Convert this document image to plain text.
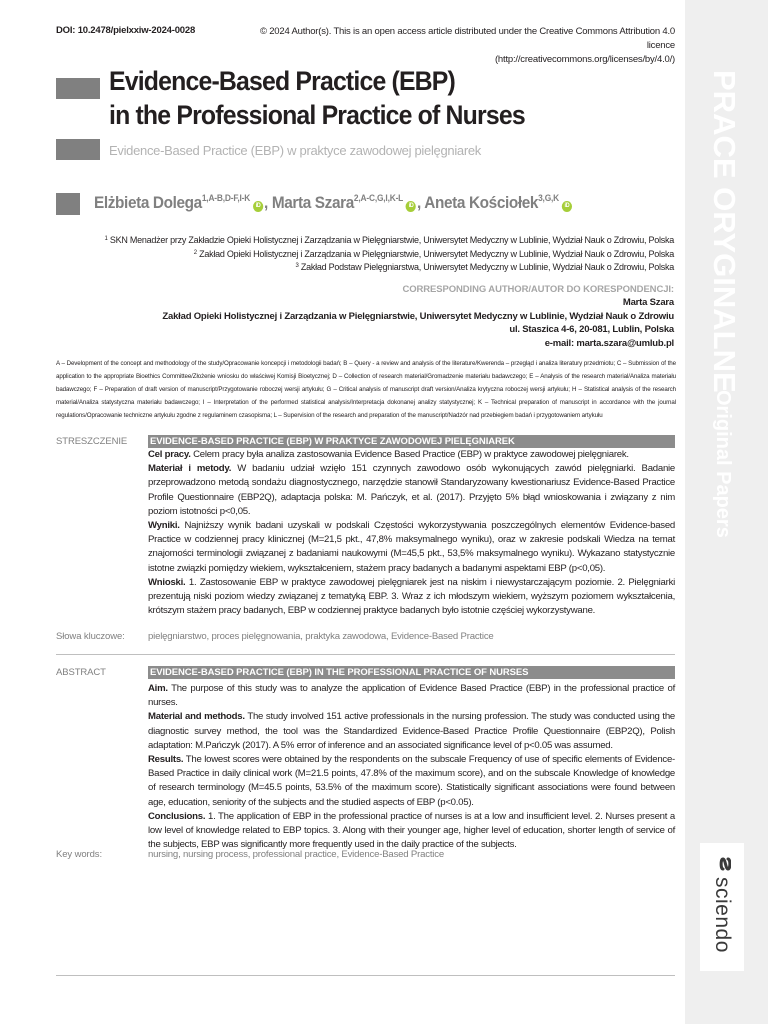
DOI: 10.2478/pielxxiw-2024-0028	© 2024 Author(s). This is an open access article distributed under the Creative Commons Attribution 4.0 licence
(http://creativecommons.org/licenses/by/4.0/)
Evidence-Based Practice (EBP)
in the Professional Practice of Nurses
Evidence-Based Practice (EBP) w praktyce zawodowej pielęgniarek
Elżbieta Dolega$^{1,A-B,D-F,I-K}$iD , Marta Szara$^{2,A-C,G,I,K-L}$iD , Aneta Kościołek$^{3,G,K}$iD
$^1$ SKN Menadżer przy Zakładzie Opieki Holistycznej i Zarządzania w Pielęgniarstwie, Uniwersytet Medyczny w Lublinie, Wydział Nauk o Zdrowiu, Polska
$^2$ Zakład Opieki Holistycznej i Zarządzania w Pielęgniarstwie, Uniwersytet Medyczny w Lublinie, Wydział Nauk o Zdrowiu, Polska
$^3$ Zakład Podstaw Pielęgniarstwa, Uniwersytet Medyczny w Lublinie, Wydział Nauk o Zdrowiu, Polska
CORRESPONDING AUTHOR/AUTOR DO KORESPONDENCJI:
Marta Szara
Zakład Opieki Holistycznej i Zarządzania w Pielęgniarstwie, Uniwersytet Medyczny w Lublinie, Wydział Nauk o Zdrowiu
ul. Staszica 4-6, 20-081, Lublin, Polska
e-mail: marta.szara@umlub.pl
A – Development of the concept and methodology of the study/Opracowanie koncepcji i metodologii badań; B – Query - a review and analysis of the literature/Kwerenda – przegląd i analiza literatury przedmiotu; C – Submission of the application to the appropriate Bioethics Committee/Złożenie wniosku do właściwej Komisji Bioetycznej; D – Collection of research material/Gromadzenie materiału badawczego; E – Analysis of the research material/Analiza materiału badawczego; F – Preparation of draft version of manuscript/Przygotowanie roboczej wersji artykułu; G – Critical analysis of manuscript draft version/Analiza krytyczna roboczej wersji artykułu; H – Statistical analysis of the research material/Analiza statystyczna materiału badawczego; I – Interpretation of the performed statistical analysis/Interpretacja dokonanej analizy statystycznej; K – Technical preparation of manuscript in accordance with the journal regulations/Opracowanie techniczne artykułu zgodne z regulaminem czasopisma; L – Supervision of the research and preparation of the manuscript/Nadzór nad przebiegiem badań i przygotowaniem artykułu
STRESZCZENIE EVIDENCE-BASED PRACTICE (EBP) W PRAKTYCE ZAWODOWEJ PIELĘGNIAREK

Cel pracy. Celem pracy była analiza zastosowania Evidence Based Practice (EBP) w praktyce zawodowej pielęgniarek.

Materiał i metody. W badaniu udział wzięło 151 czynnych zawodowo osób wykonujących zawód pielęgniarki. Badanie przeprowadzono metodą sondażu diagnostycznego, narzędzie stanowił Standaryzowany kwestionariusz Evidence-Based Practice Profile Questionnaire (EBP2Q), adaptacja polska: M. Pańczyk, et al. (2017). Przyjęto 5% błąd wnioskowania i związany z nim poziom istotności p<0,05.

Wyniki. Najniższy wynik badani uzyskali w podskali Częstości wykorzystywania poszczególnych elementów Evidence-based Practice w codziennej pracy klinicznej (M=21,5 pkt., 47,8% maksymalnego wyniku), oraz w zakresie podskali Wiedza na temat znajomości terminologii związanej z badaniami naukowymi (M=45,5 pkt., 53,5% maksymalnego wyniku). Wykazano statystycznie istotne związki pomiędzy wiekiem, wykształceniem, stażem pracy badanych a badanymi aspektami EBP (p<0,05).

Wnioski. 1. Zastosowanie EBP w praktyce zawodowej pielęgniarek jest na niskim i niewystarczającym poziomie. 2. Pielęgniarki prezentują niski poziom wiedzy związanej z tematyką EBP. 3. Wraz z ich młodszym wiekiem, wyższym poziomem wykształcenia, krótszym stażem pracy badanych, EBP w codziennej praktyce badanych było istotnie częściej wykorzystywane.

Słowa kluczowe: pielęgniarstwo, proces pielęgnowania, praktyka zawodowa, Evidence-Based Practice
ABSTRACT	EVIDENCE-BASED PRACTICE (EBP) IN THE PROFESSIONAL PRACTICE OF NURSES

Aim. The purpose of this study was to analyze the application of Evidence Based Practice (EBP) in the professional practice of nurses.

Material and methods. The study involved 151 active professionals in the nursing profession. The study was conducted using the diagnostic survey method, the tool was the Standardized Evidence-Based Practice Profile Questionnaire (EBP2Q), Polish adaptation: M.Pańczyk (2017). A 5% error of inference and an associated significance level of p<0.05 was assumed.

Results. The lowest scores were obtained by the respondents on the subscale Frequency of use of specific elements of Evidence-Based Practice in daily clinical work (M=21.5 points, 47.8% of the maximum score), and on the subscale Knowledge of knowledge of research terminology (M=45.5 points, 53.5% of the maximum score). Statistically significant associations were found between age, education, seniority of the subjects and the studied aspects of EBP (p<0.05).

Conclusions. 1. The application of EBP in the professional practice of nurses is at a low and insufficient level. 2. Nurses present a low level of knowledge related to EBP topics. 3. Along with their younger age, higher level of education, shorter length of service of the subjects, EBP was significantly more frequently used in the daily practice of the subjects.

Key words:	nursing, nursing process, professional practice, Evidence-Based Practice
PRACE ORYGINALNE
Original Papers
sciendo
